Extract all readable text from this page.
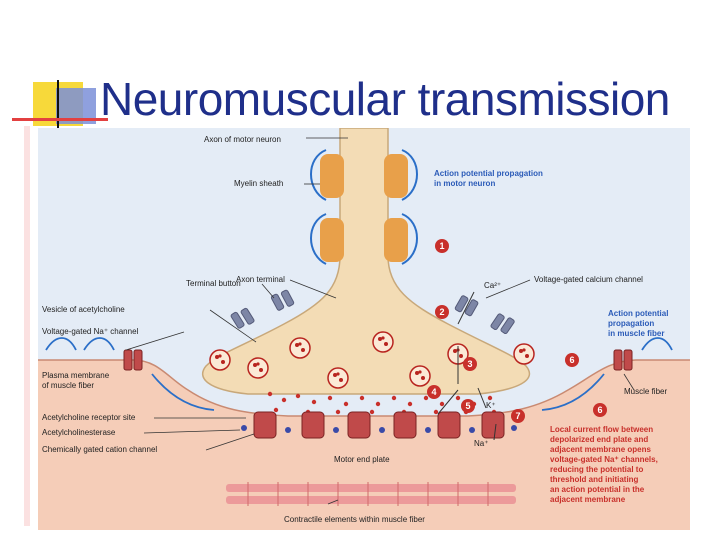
Neuromuscular transmission
1
2
3
4
5
6
6
7
Axon of motor neuron
Myelin sheath
Terminal button
Axon terminal	Voltage-gated calcium channel
Ca²⁺
Vesicle of acetylcholine
Voltage-gated Na⁺ channel
Plasma membrane
of muscle fiber
Muscle fiber
Acetylcholine receptor site
Acetylcholinesterase
Chemically gated cation channel
K⁺
Na⁺
Motor end plate
Contractile elements within muscle fiber
Action potential propagation
in motor neuron
Action potential
propagation
in muscle fiber
Local current flow between
depolarized end plate and
adjacent membrane opens
voltage-gated Na⁺ channels,
reducing the potential to
threshold and initiating
an action potential in the
adjacent membrane
